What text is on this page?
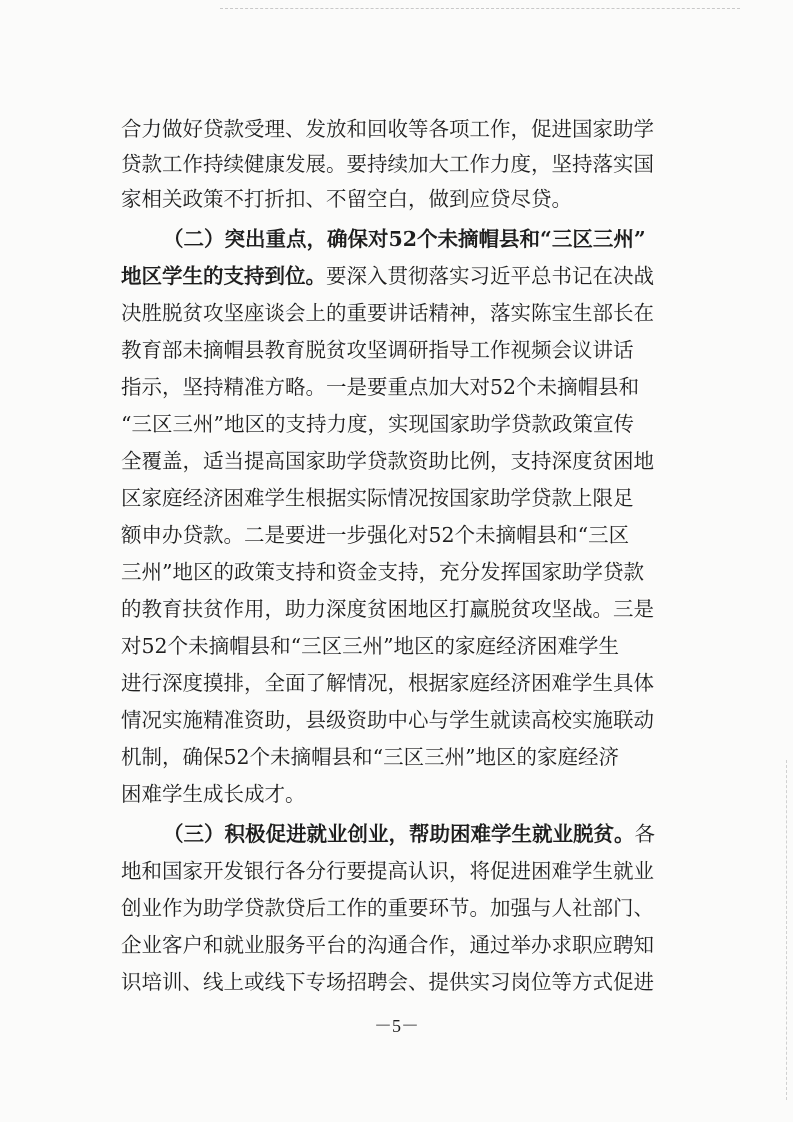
合力做好贷款受理、发放和回收等各项工作，促进国家助学
贷款工作持续健康发展。要持续加大工作力度，坚持落实国
家相关政策不打折扣、不留空白，做到应贷尽贷。
（二）突出重点，确保对52个未摘帽县和“三区三州”
地区学生的支持到位。要深入贯彻落实习近平总书记在决战
决胜脱贫攻坚座谈会上的重要讲话精神，落实陈宝生部长在
教育部未摘帽县教育脱贫攻坚调研指导工作视频会议讲话
指示，坚持精准方略。一是要重点加大对52个未摘帽县和
“三区三州”地区的支持力度，实现国家助学贷款政策宣传
全覆盖，适当提高国家助学贷款资助比例，支持深度贫困地
区家庭经济困难学生根据实际情况按国家助学贷款上限足
额申办贷款。二是要进一步强化对52个未摘帽县和“三区
三州”地区的政策支持和资金支持，充分发挥国家助学贷款
的教育扶贫作用，助力深度贫困地区打赢脱贫攻坚战。三是
对52个未摘帽县和“三区三州”地区的家庭经济困难学生
进行深度摸排，全面了解情况，根据家庭经济困难学生具体
情况实施精准资助，县级资助中心与学生就读高校实施联动
机制，确保52个未摘帽县和“三区三州”地区的家庭经济
困难学生成长成才。
（三）积极促进就业创业，帮助困难学生就业脱贫。各
地和国家开发银行各分行要提高认识，将促进困难学生就业
创业作为助学贷款贷后工作的重要环节。加强与人社部门、
企业客户和就业服务平台的沟通合作，通过举办求职应聘知
识培训、线上或线下专场招聘会、提供实习岗位等方式促进
－5－
